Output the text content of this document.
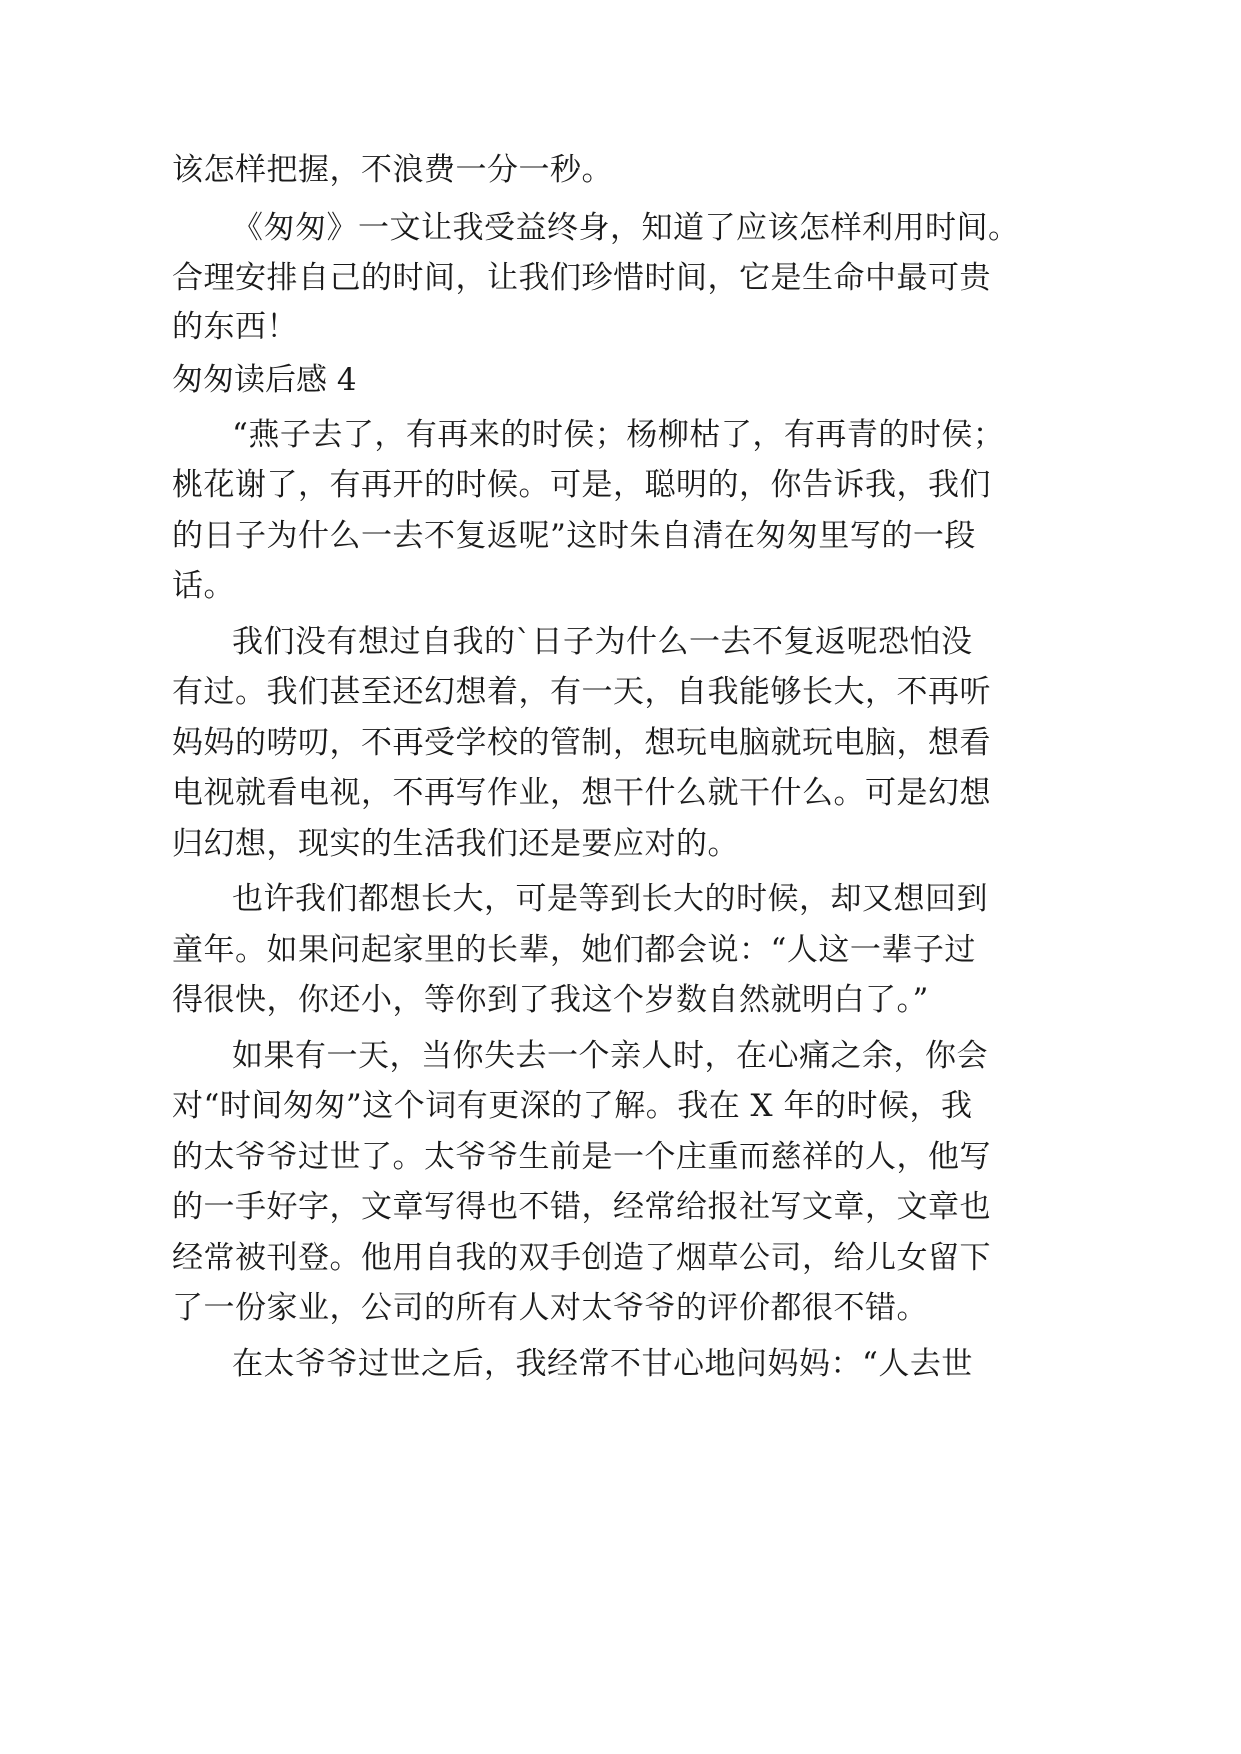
该怎样把握，不浪费一分一秒。
《匆匆》一文让我受益终身，知道了应该怎样利用时间。
合理安排自己的时间，让我们珍惜时间，它是生命中最可贵
的东西！
匆匆读后感 4
“燕子去了，有再来的时侯；杨柳枯了，有再青的时侯；
桃花谢了，有再开的时候。可是，聪明的，你告诉我，我们
的日子为什么一去不复返呢”这时朱自清在匆匆里写的一段
话。
我们没有想过自我的`日子为什么一去不复返呢恐怕没
有过。我们甚至还幻想着，有一天，自我能够长大，不再听
妈妈的唠叨，不再受学校的管制，想玩电脑就玩电脑，想看
电视就看电视，不再写作业，想干什么就干什么。可是幻想
归幻想，现实的生活我们还是要应对的。
也许我们都想长大，可是等到长大的时候，却又想回到
童年。如果问起家里的长辈，她们都会说：“人这一辈子过
得很快，你还小，等你到了我这个岁数自然就明白了。”
如果有一天，当你失去一个亲人时，在心痛之余，你会
对“时间匆匆”这个词有更深的了解。我在 X 年的时候，我
的太爷爷过世了。太爷爷生前是一个庄重而慈祥的人，他写
的一手好字，文章写得也不错，经常给报社写文章，文章也
经常被刊登。他用自我的双手创造了烟草公司，给儿女留下
了一份家业，公司的所有人对太爷爷的评价都很不错。
在太爷爷过世之后，我经常不甘心地问妈妈：“人去世
